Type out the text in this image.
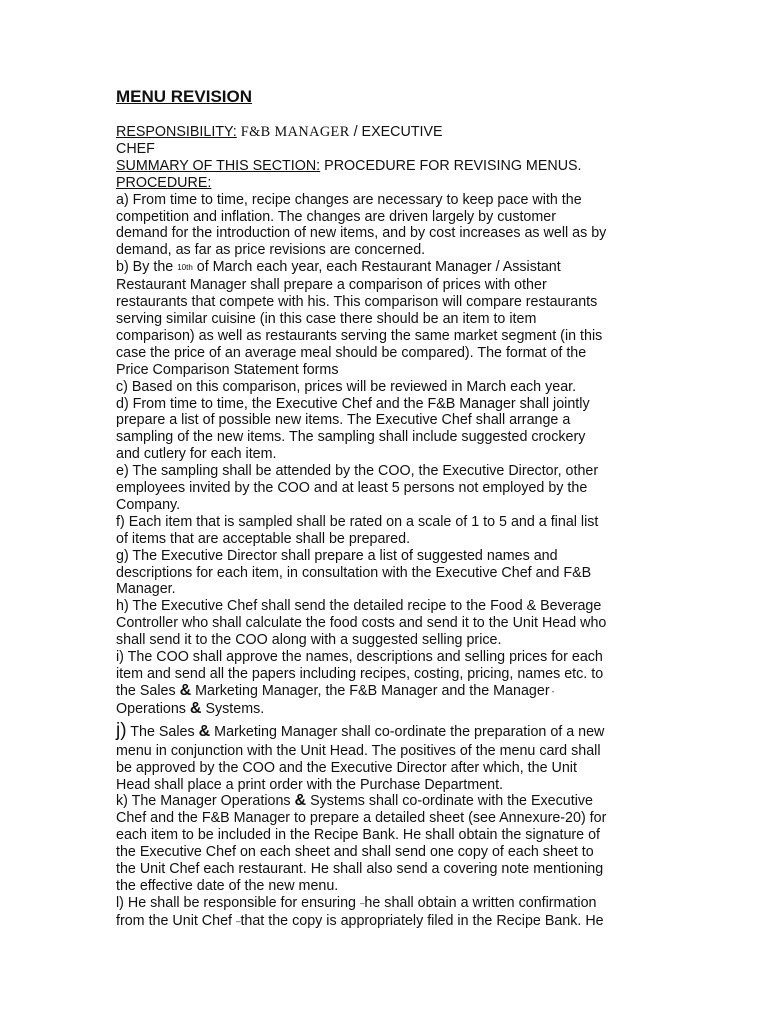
MENU REVISION
RESPONSIBILITY: F&B MANAGER / EXECUTIVE
CHEF
SUMMARY OF THIS SECTION: PROCEDURE FOR REVISING MENUS.
PROCEDURE:
a) From time to time, recipe changes are necessary to keep pace with the
competition and inflation. The changes are driven largely by customer
demand for the introduction of new items, and by cost increases as well as by
demand, as far as price revisions are concerned.
b) By the 10th of March each year, each Restaurant Manager / Assistant
Restaurant Manager shall prepare a comparison of prices with other
restaurants that compete with his. This comparison will compare restaurants
serving similar cuisine (in this case there should be an item to item
comparison) as well as restaurants serving the same market segment (in this
case the price of an average meal should be compared). The format of the
Price Comparison Statement forms
c) Based on this comparison, prices will be reviewed in March each year.
d) From time to time, the Executive Chef and the F&B Manager shall jointly
prepare a list of possible new items. The Executive Chef shall arrange a
sampling of the new items. The sampling shall include suggested crockery
and cutlery for each item.
e) The sampling shall be attended by the COO, the Executive Director, other
employees invited by the COO and at least 5 persons not employed by the
Company.
f) Each item that is sampled shall be rated on a scale of 1 to 5 and a final list
of items that are acceptable shall be prepared.
g) The Executive Director shall prepare a list of suggested names and
descriptions for each item, in consultation with the Executive Chef and F&B
Manager.
h) The Executive Chef shall send the detailed recipe to the Food & Beverage
Controller who shall calculate the food costs and send it to the Unit Head who
shall send it to the COO along with a suggested selling price.
i) The COO shall approve the names, descriptions and selling prices for each
item and send all the papers including recipes, costing, pricing, names etc. to
the Sales & Marketing Manager, the F&B Manager and the Manager -
Operations & Systems.
j) The Sales & Marketing Manager shall co-ordinate the preparation of a new
menu in conjunction with the Unit Head. The positives of the menu card shall
be approved by the COO and the Executive Director after which, the Unit
Head shall place a print order with the Purchase Department.
k) The Manager Operations & Systems shall co-ordinate with the Executive
Chef and the F&B Manager to prepare a detailed sheet (see Annexure-20) for
each item to be included in the Recipe Bank. He shall obtain the signature of
the Executive Chef on each sheet and shall send one copy of each sheet to
the Unit Chef each restaurant. He shall also send a covering note mentioning
the effective date of the new menu.
l) He shall be responsible for ensuring –he shall obtain a written confirmation
from the Unit Chef –that the copy is appropriately filed in the Recipe Bank. He
